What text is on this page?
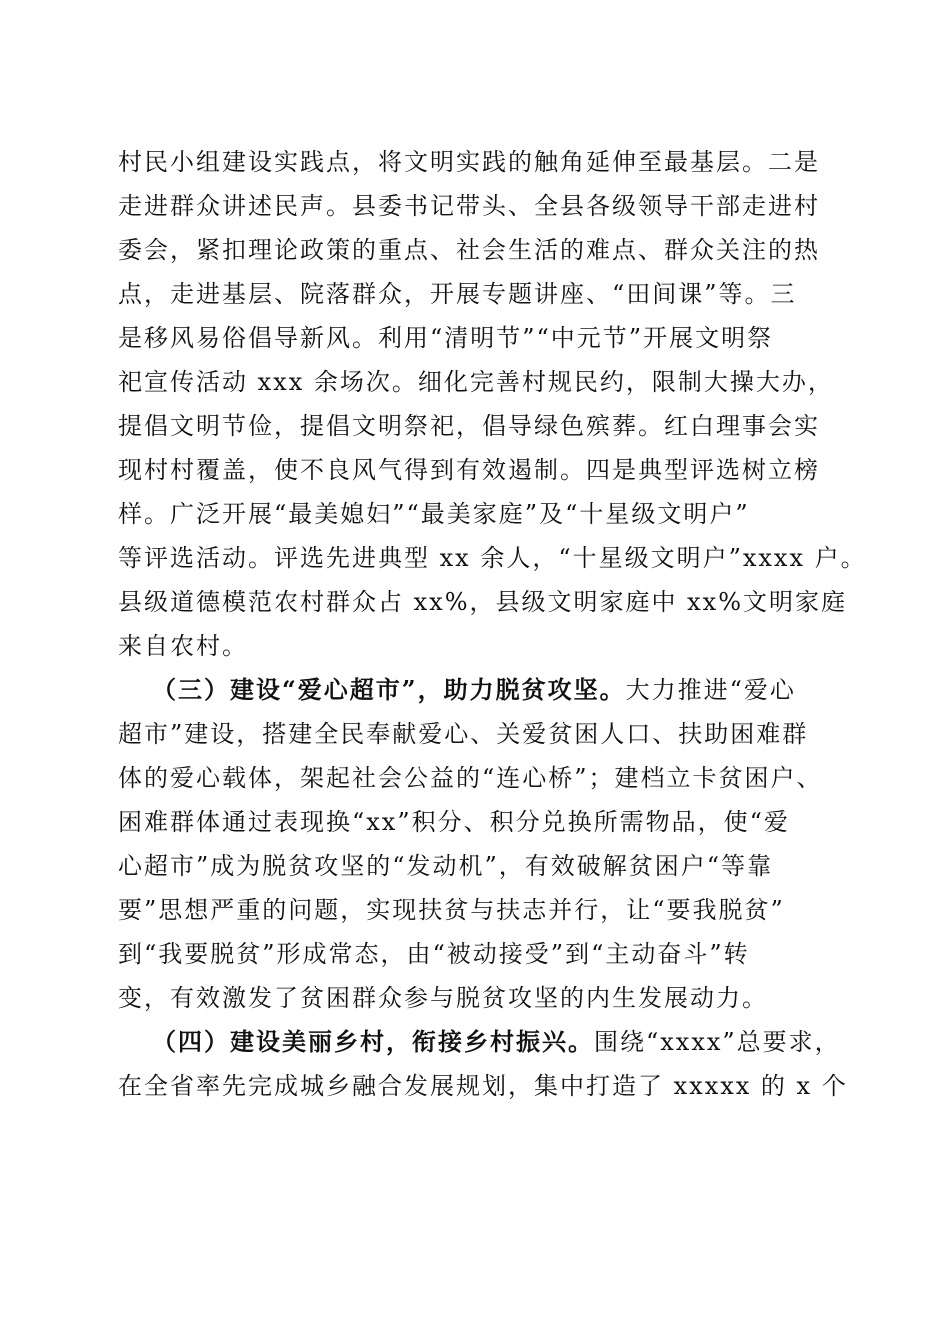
村民小组建设实践点，将文明实践的触角延伸至最基层。二是
走进群众讲述民声。县委书记带头、全县各级领导干部走进村
委会，紧扣理论政策的重点、社会生活的难点、群众关注的热
点，走进基层、院落群众，开展专题讲座、“田间课”等。三
是移风易俗倡导新风。利用“清明节”“中元节”开展文明祭
祀宣传活动 xxx 余场次。细化完善村规民约，限制大操大办，
提倡文明节俭，提倡文明祭祀，倡导绿色殡葬。红白理事会实
现村村覆盖，使不良风气得到有效遏制。四是典型评选树立榜
样。广泛开展“最美媳妇”“最美家庭”及“十星级文明户”
等评选活动。评选先进典型 xx 余人，“十星级文明户”xxxx 户。
县级道德模范农村群众占 xx%，县级文明家庭中 xx%文明家庭
来自农村。
（三）建设“爱心超市”，助力脱贫攻坚。大力推进“爱心
超市”建设，搭建全民奉献爱心、关爱贫困人口、扶助困难群
体的爱心载体，架起社会公益的“连心桥”；建档立卡贫困户、
困难群体通过表现换“xx”积分、积分兑换所需物品，使“爱
心超市”成为脱贫攻坚的“发动机”，有效破解贫困户“等靠
要”思想严重的问题，实现扶贫与扶志并行，让“要我脱贫”
到“我要脱贫”形成常态，由“被动接受”到“主动奋斗”转
变，有效激发了贫困群众参与脱贫攻坚的内生发展动力。
（四）建设美丽乡村，衔接乡村振兴。围绕“xxxx”总要求，
在全省率先完成城乡融合发展规划，集中打造了 xxxxx 的 x 个
